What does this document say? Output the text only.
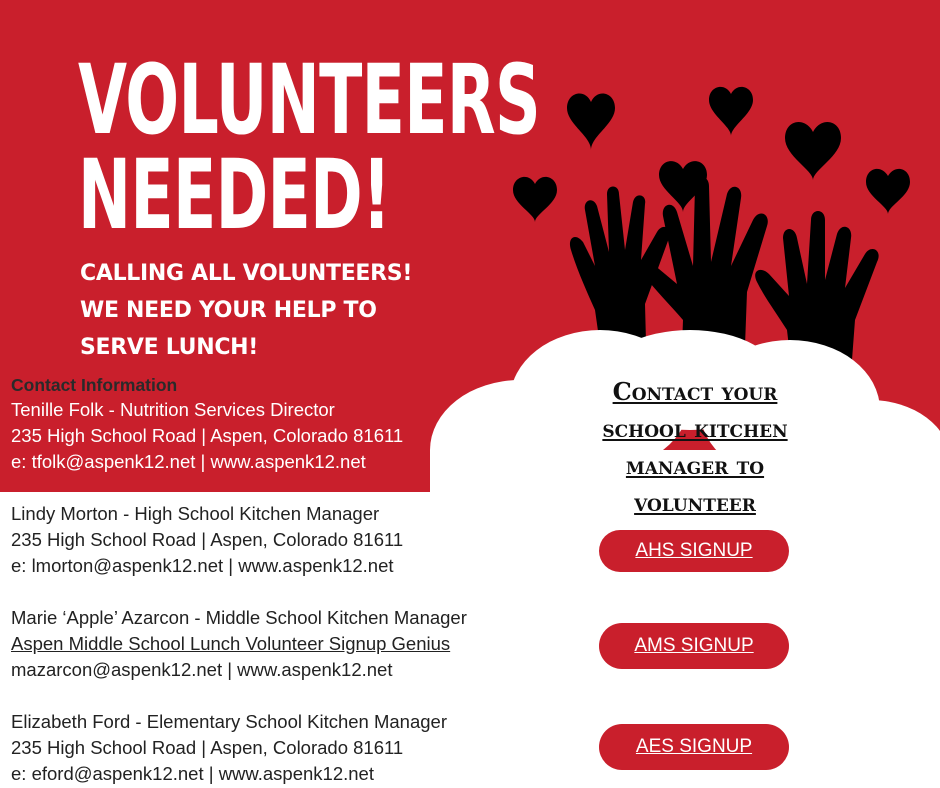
VOLUNTEERS
NEEDED!

CALLING ALL VOLUNTEERS!

WE NEED YOUR HELP TO

SERVE LUNCH!

Contact your

school kitchen

manager to

volunteer

Contact Information

Tenille Folk - Nutrition Services Director

235 High School Road | Aspen, Colorado 81611

e: tfolk@aspenk12.net | www.aspenk12.net

Lindy Morton - High School Kitchen Manager

235 High School Road | Aspen, Colorado 81611

e: lmorton@aspenk12.net | www.aspenk12.net

Marie ‘Apple’ Azarcon - Middle School Kitchen Manager

Aspen Middle School Lunch Volunteer Signup Genius

mazarcon@aspenk12.net | www.aspenk12.net

Elizabeth Ford - Elementary School Kitchen Manager

235 High School Road | Aspen, Colorado 81611

e: eford@aspenk12.net | www.aspenk12.net

AHS SIGNUP
AMS SIGNUP
AES SIGNUP
